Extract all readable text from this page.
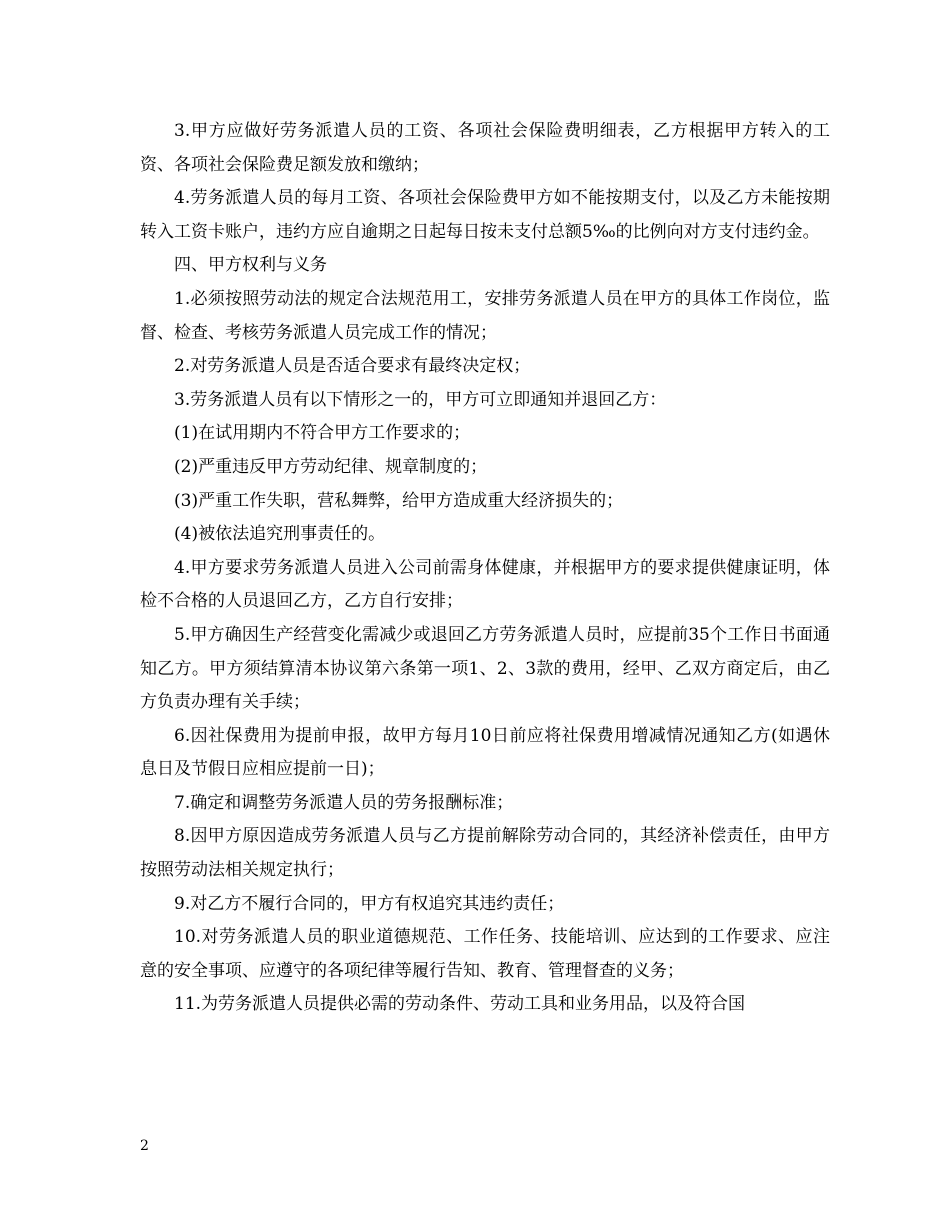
3.甲方应做好劳务派遣人员的工资、各项社会保险费明细表，乙方根据甲方转入的工资、各项社会保险费足额发放和缴纳；

4.劳务派遣人员的每月工资、各项社会保险费甲方如不能按期支付，以及乙方未能按期转入工资卡账户，违约方应自逾期之日起每日按未支付总额5‰的比例向对方支付违约金。

四、甲方权利与义务

1.必须按照劳动法的规定合法规范用工，安排劳务派遣人员在甲方的具体工作岗位，监督、检查、考核劳务派遣人员完成工作的情况；

2.对劳务派遣人员是否适合要求有最终决定权；

3.劳务派遣人员有以下情形之一的，甲方可立即通知并退回乙方：

(1)在试用期内不符合甲方工作要求的；

(2)严重违反甲方劳动纪律、规章制度的；

(3)严重工作失职，营私舞弊，给甲方造成重大经济损失的；

(4)被依法追究刑事责任的。

4.甲方要求劳务派遣人员进入公司前需身体健康，并根据甲方的要求提供健康证明，体检不合格的人员退回乙方，乙方自行安排；

5.甲方确因生产经营变化需减少或退回乙方劳务派遣人员时，应提前35个工作日书面通知乙方。甲方须结算清本协议第六条第一项1、2、3款的费用，经甲、乙双方商定后，由乙方负责办理有关手续；

6.因社保费用为提前申报，故甲方每月10日前应将社保费用增减情况通知乙方(如遇休息日及节假日应相应提前一日)；

7.确定和调整劳务派遣人员的劳务报酬标准；

8.因甲方原因造成劳务派遣人员与乙方提前解除劳动合同的，其经济补偿责任，由甲方按照劳动法相关规定执行；

9.对乙方不履行合同的，甲方有权追究其违约责任；

10.对劳务派遣人员的职业道德规范、工作任务、技能培训、应达到的工作要求、应注意的安全事项、应遵守的各项纪律等履行告知、教育、管理督查的义务；

11.为劳务派遣人员提供必需的劳动条件、劳动工具和业务用品，以及符合国

2
